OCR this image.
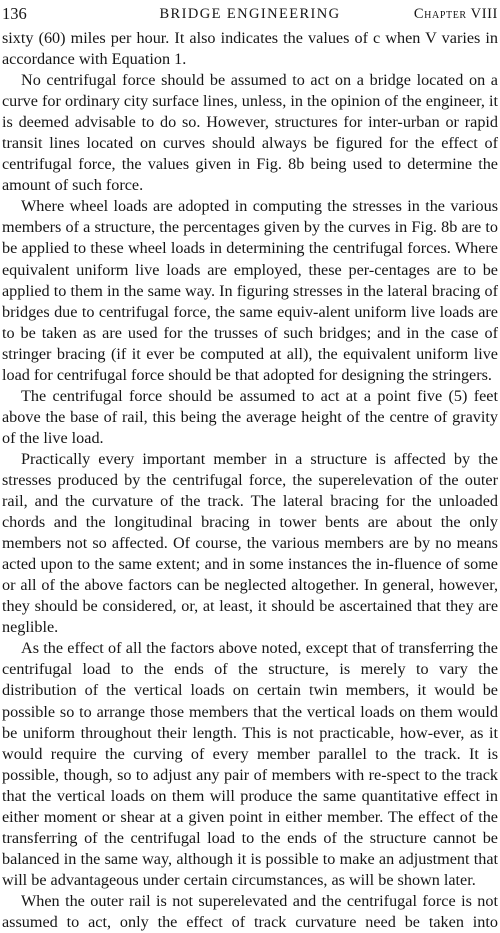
136	BRIDGE ENGINEERING	Chapter VIII

sixty (60) miles per hour. It also indicates the values of c when V varies in accordance with Equation 1.

No centrifugal force should be assumed to act on a bridge located on a curve for ordinary city surface lines, unless, in the opinion of the engineer, it is deemed advisable to do so. However, structures for inter-urban or rapid transit lines located on curves should always be figured for the effect of centrifugal force, the values given in Fig. 8b being used to determine the amount of such force.

Where wheel loads are adopted in computing the stresses in the various members of a structure, the percentages given by the curves in Fig. 8b are to be applied to these wheel loads in determining the centrifugal forces. Where equivalent uniform live loads are employed, these per-centages are to be applied to them in the same way. In figuring stresses in the lateral bracing of bridges due to centrifugal force, the same equiv-alent uniform live loads are to be taken as are used for the trusses of such bridges; and in the case of stringer bracing (if it ever be computed at all), the equivalent uniform live load for centrifugal force should be that adopted for designing the stringers.

The centrifugal force should be assumed to act at a point five (5) feet above the base of rail, this being the average height of the centre of gravity of the live load.

Practically every important member in a structure is affected by the stresses produced by the centrifugal force, the superelevation of the outer rail, and the curvature of the track. The lateral bracing for the unloaded chords and the longitudinal bracing in tower bents are about the only members not so affected. Of course, the various members are by no means acted upon to the same extent; and in some instances the in-fluence of some or all of the above factors can be neglected altogether. In general, however, they should be considered, or, at least, it should be ascertained that they are neglible.

As the effect of all the factors above noted, except that of transferring the centrifugal load to the ends of the structure, is merely to vary the distribution of the vertical loads on certain twin members, it would be possible so to arrange those members that the vertical loads on them would be uniform throughout their length. This is not practicable, how-ever, as it would require the curving of every member parallel to the track. It is possible, though, so to adjust any pair of members with re-spect to the track that the vertical loads on them will produce the same quantitative effect in either moment or shear at a given point in either member. The effect of the transferring of the centrifugal load to the ends of the structure cannot be balanced in the same way, although it is possible to make an adjustment that will be advantageous under certain circumstances, as will be shown later.

When the outer rail is not superelevated and the centrifugal force is not assumed to act, only the effect of track curvature need be taken into
